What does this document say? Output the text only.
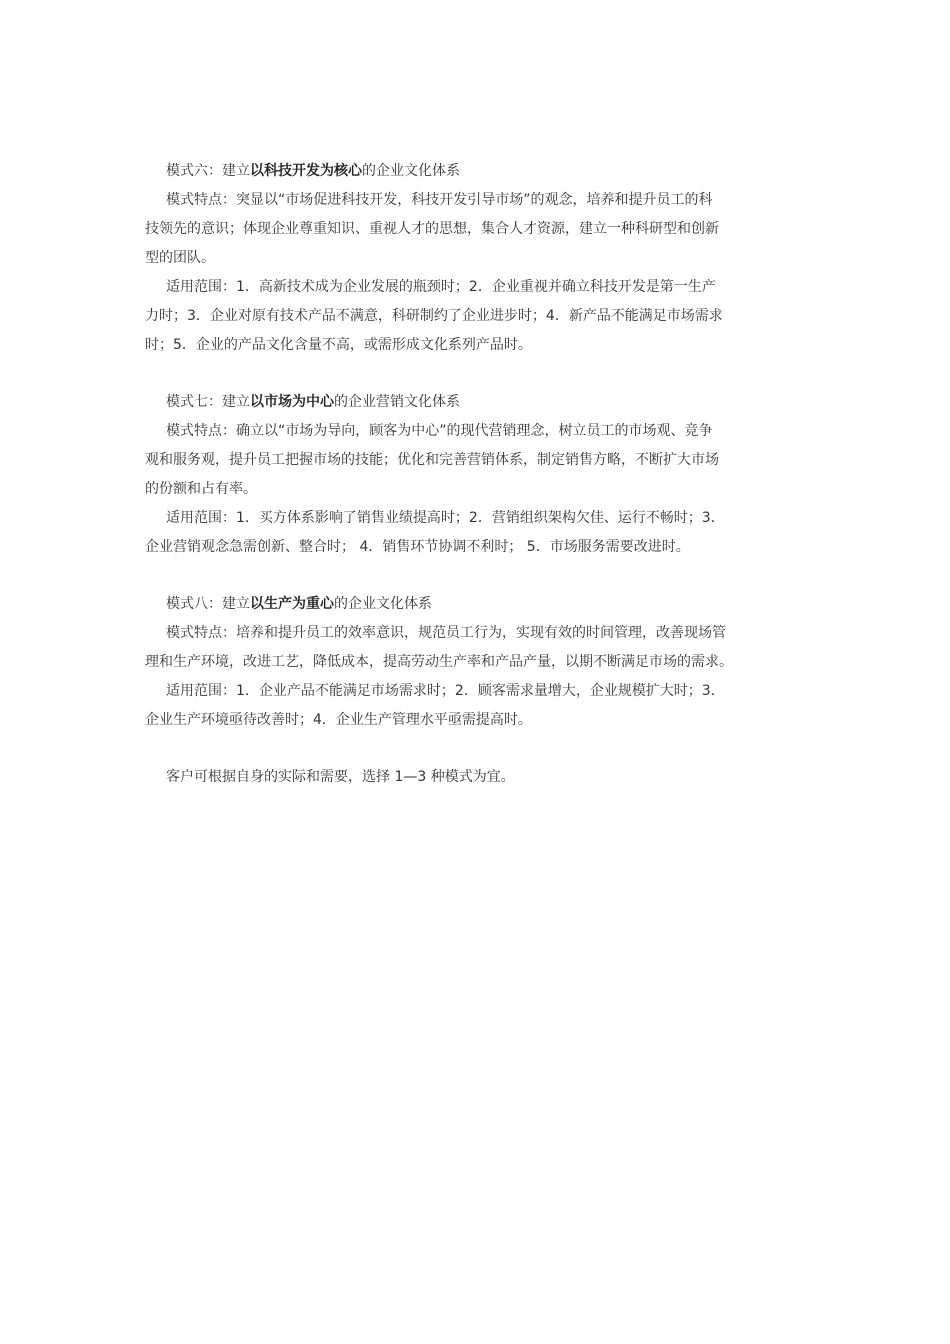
模式六：建立以科技开发为核心的企业文化体系
模式特点：突显以“市场促进科技开发，科技开发引导市场”的观念，培养和提升员工的科
技领先的意识；体现企业尊重知识、重视人才的思想，集合人才资源，建立一种科研型和创新
型的团队。
适用范围：1．高新技术成为企业发展的瓶颈时；2．企业重视并确立科技开发是第一生产
力时；3．企业对原有技术产品不满意，科研制约了企业进步时；4．新产品不能满足市场需求
时；5．企业的产品文化含量不高，或需形成文化系列产品时。
模式七：建立以市场为中心的企业营销文化体系
模式特点：确立以“市场为导向，顾客为中心”的现代营销理念，树立员工的市场观、竞争
观和服务观，提升员工把握市场的技能；优化和完善营销体系，制定销售方略，不断扩大市场
的份额和占有率。
适用范围：1．买方体系影响了销售业绩提高时；2．营销组织架构欠佳、运行不畅时；3．
企业营销观念急需创新、整合时； 4．销售环节协调不利时； 5．市场服务需要改进时。
模式八：建立以生产为重心的企业文化体系
模式特点：培养和提升员工的效率意识，规范员工行为，实现有效的时间管理，改善现场管
理和生产环境，改进工艺，降低成本，提高劳动生产率和产品产量，以期不断满足市场的需求。
适用范围：1．企业产品不能满足市场需求时；2．顾客需求量增大，企业规模扩大时；3．
企业生产环境亟待改善时；4．企业生产管理水平亟需提高时。
客户可根据自身的实际和需要，选择 1—3 种模式为宜。
